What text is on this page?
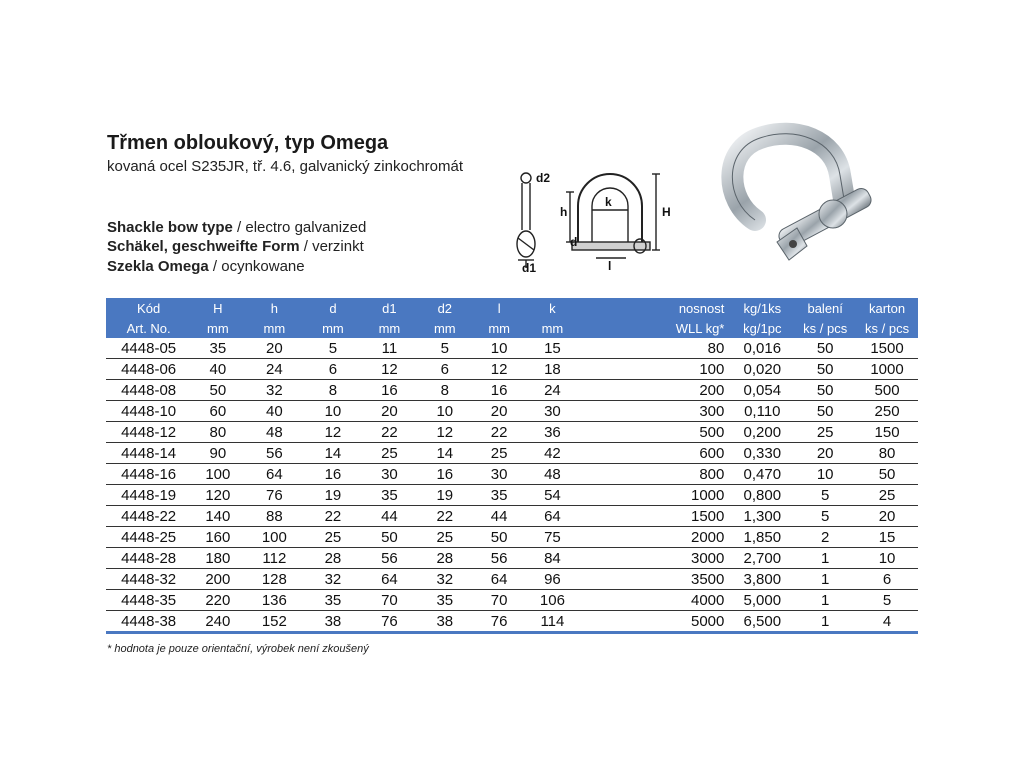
Třmen obloukový, typ Omega
kovaná ocel S235JR, tř. 4.6, galvanický zinkochromát
Shackle bow type / electro galvanized
Schäkel, geschweifte Form / verzinkt
Szekla Omega / ocynkowane
d2
k
h	H
d
d1	l
Kód	H	h	d	d1	d2	l	k	nosnost	kg/1ks	balení	karton
Art. No.	mm	mm	mm	mm	mm	mm	mm	WLL kg*	kg/1pc	ks / pcs	ks / pcs
4448-05	35	20	5	11	5	10	15	80	0,016	50	1500
4448-06	40	24	6	12	6	12	18	100	0,020	50	1000
4448-08	50	32	8	16	8	16	24	200	0,054	50	500
4448-10	60	40	10	20	10	20	30	300	0,110	50	250
4448-12	80	48	12	22	12	22	36	500	0,200	25	150
4448-14	90	56	14	25	14	25	42	600	0,330	20	80
4448-16	100	64	16	30	16	30	48	800	0,470	10	50
4448-19	120	76	19	35	19	35	54	1000	0,800	5	25
4448-22	140	88	22	44	22	44	64	1500	1,300	5	20
4448-25	160	100	25	50	25	50	75	2000	1,850	2	15
4448-28	180	112	28	56	28	56	84	3000	2,700	1	10
4448-32	200	128	32	64	32	64	96	3500	3,800	1	6
4448-35	220	136	35	70	35	70	106	4000	5,000	1	5
4448-38	240	152	38	76	38	76	114	5000	6,500	1	4
* hodnota je pouze orientační, výrobek není zkoušený
